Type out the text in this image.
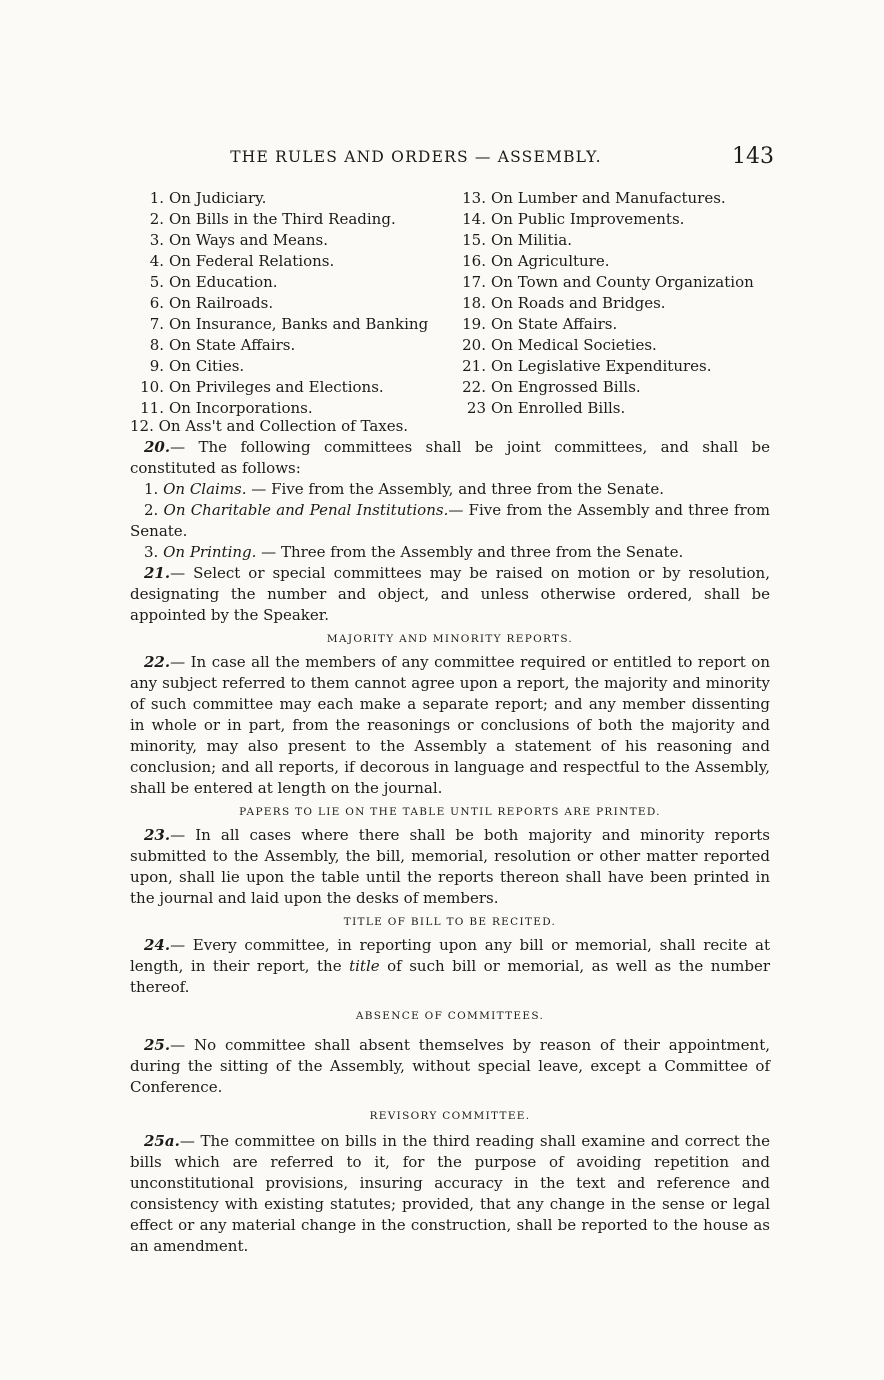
THE RULES AND ORDERS — ASSEMBLY.	143
1. On Judiciary.
2. On Bills in the Third Reading.
3. On Ways and Means.
4. On Federal Relations.
5. On Education.
6. On Railroads.
7. On Insurance, Banks and Banking
8. On State Affairs.
9. On Cities.
10. On Privileges and Elections.
11. On Incorporations.
13. On Lumber and Manufactures.
14. On Public Improvements.
15. On Militia.
16. On Agriculture.
17. On Town and County Organization
18. On Roads and Bridges.
19. On State Affairs.
20. On Medical Societies.
21. On Legislative Expenditures.
22. On Engrossed Bills.
23 On Enrolled Bills.
12. On Ass't and Collection of Taxes.

20.— The following committees shall be joint committees, and shall be constituted as follows:

1. On Claims. — Five from the Assembly, and three from the Senate.

2. On Charitable and Penal Institutions.— Five from the Assembly and three from Senate.

3. On Printing. — Three from the Assembly and three from the Senate.

21.— Select or special committees may be raised on motion or by resolution, designating the number and object, and unless otherwise ordered, shall be appointed by the Speaker.

MAJORITY AND MINORITY REPORTS.

22.— In case all the members of any committee required or entitled to report on any subject referred to them cannot agree upon a report, the majority and minority of such committee may each make a separate report; and any member dissenting in whole or in part, from the reasonings or conclusions of both the majority and minority, may also present to the Assembly a statement of his reasoning and conclusion; and all reports, if decorous in language and respectful to the Assembly, shall be entered at length on the journal.

PAPERS TO LIE ON THE TABLE UNTIL REPORTS ARE PRINTED.

23.— In all cases where there shall be both majority and minority reports submitted to the Assembly, the bill, memorial, resolution or other matter reported upon, shall lie upon the table until the reports thereon shall have been printed in the journal and laid upon the desks of members.

TITLE OF BILL TO BE RECITED.

24.— Every committee, in reporting upon any bill or memorial, shall recite at length, in their report, the title of such bill or memorial, as well as the number thereof.

ABSENCE OF COMMITTEES.

25.— No committee shall absent themselves by reason of their appointment, during the sitting of the Assembly, without special leave, except a Committee of Conference.

REVISORY COMMITTEE.

25a.— The committee on bills in the third reading shall examine and correct the bills which are referred to it, for the purpose of avoiding repetition and unconstitutional provisions, insuring accuracy in the text and reference and consistency with existing statutes; provided, that any change in the sense or legal effect or any material change in the construction, shall be reported to the house as an amendment.
